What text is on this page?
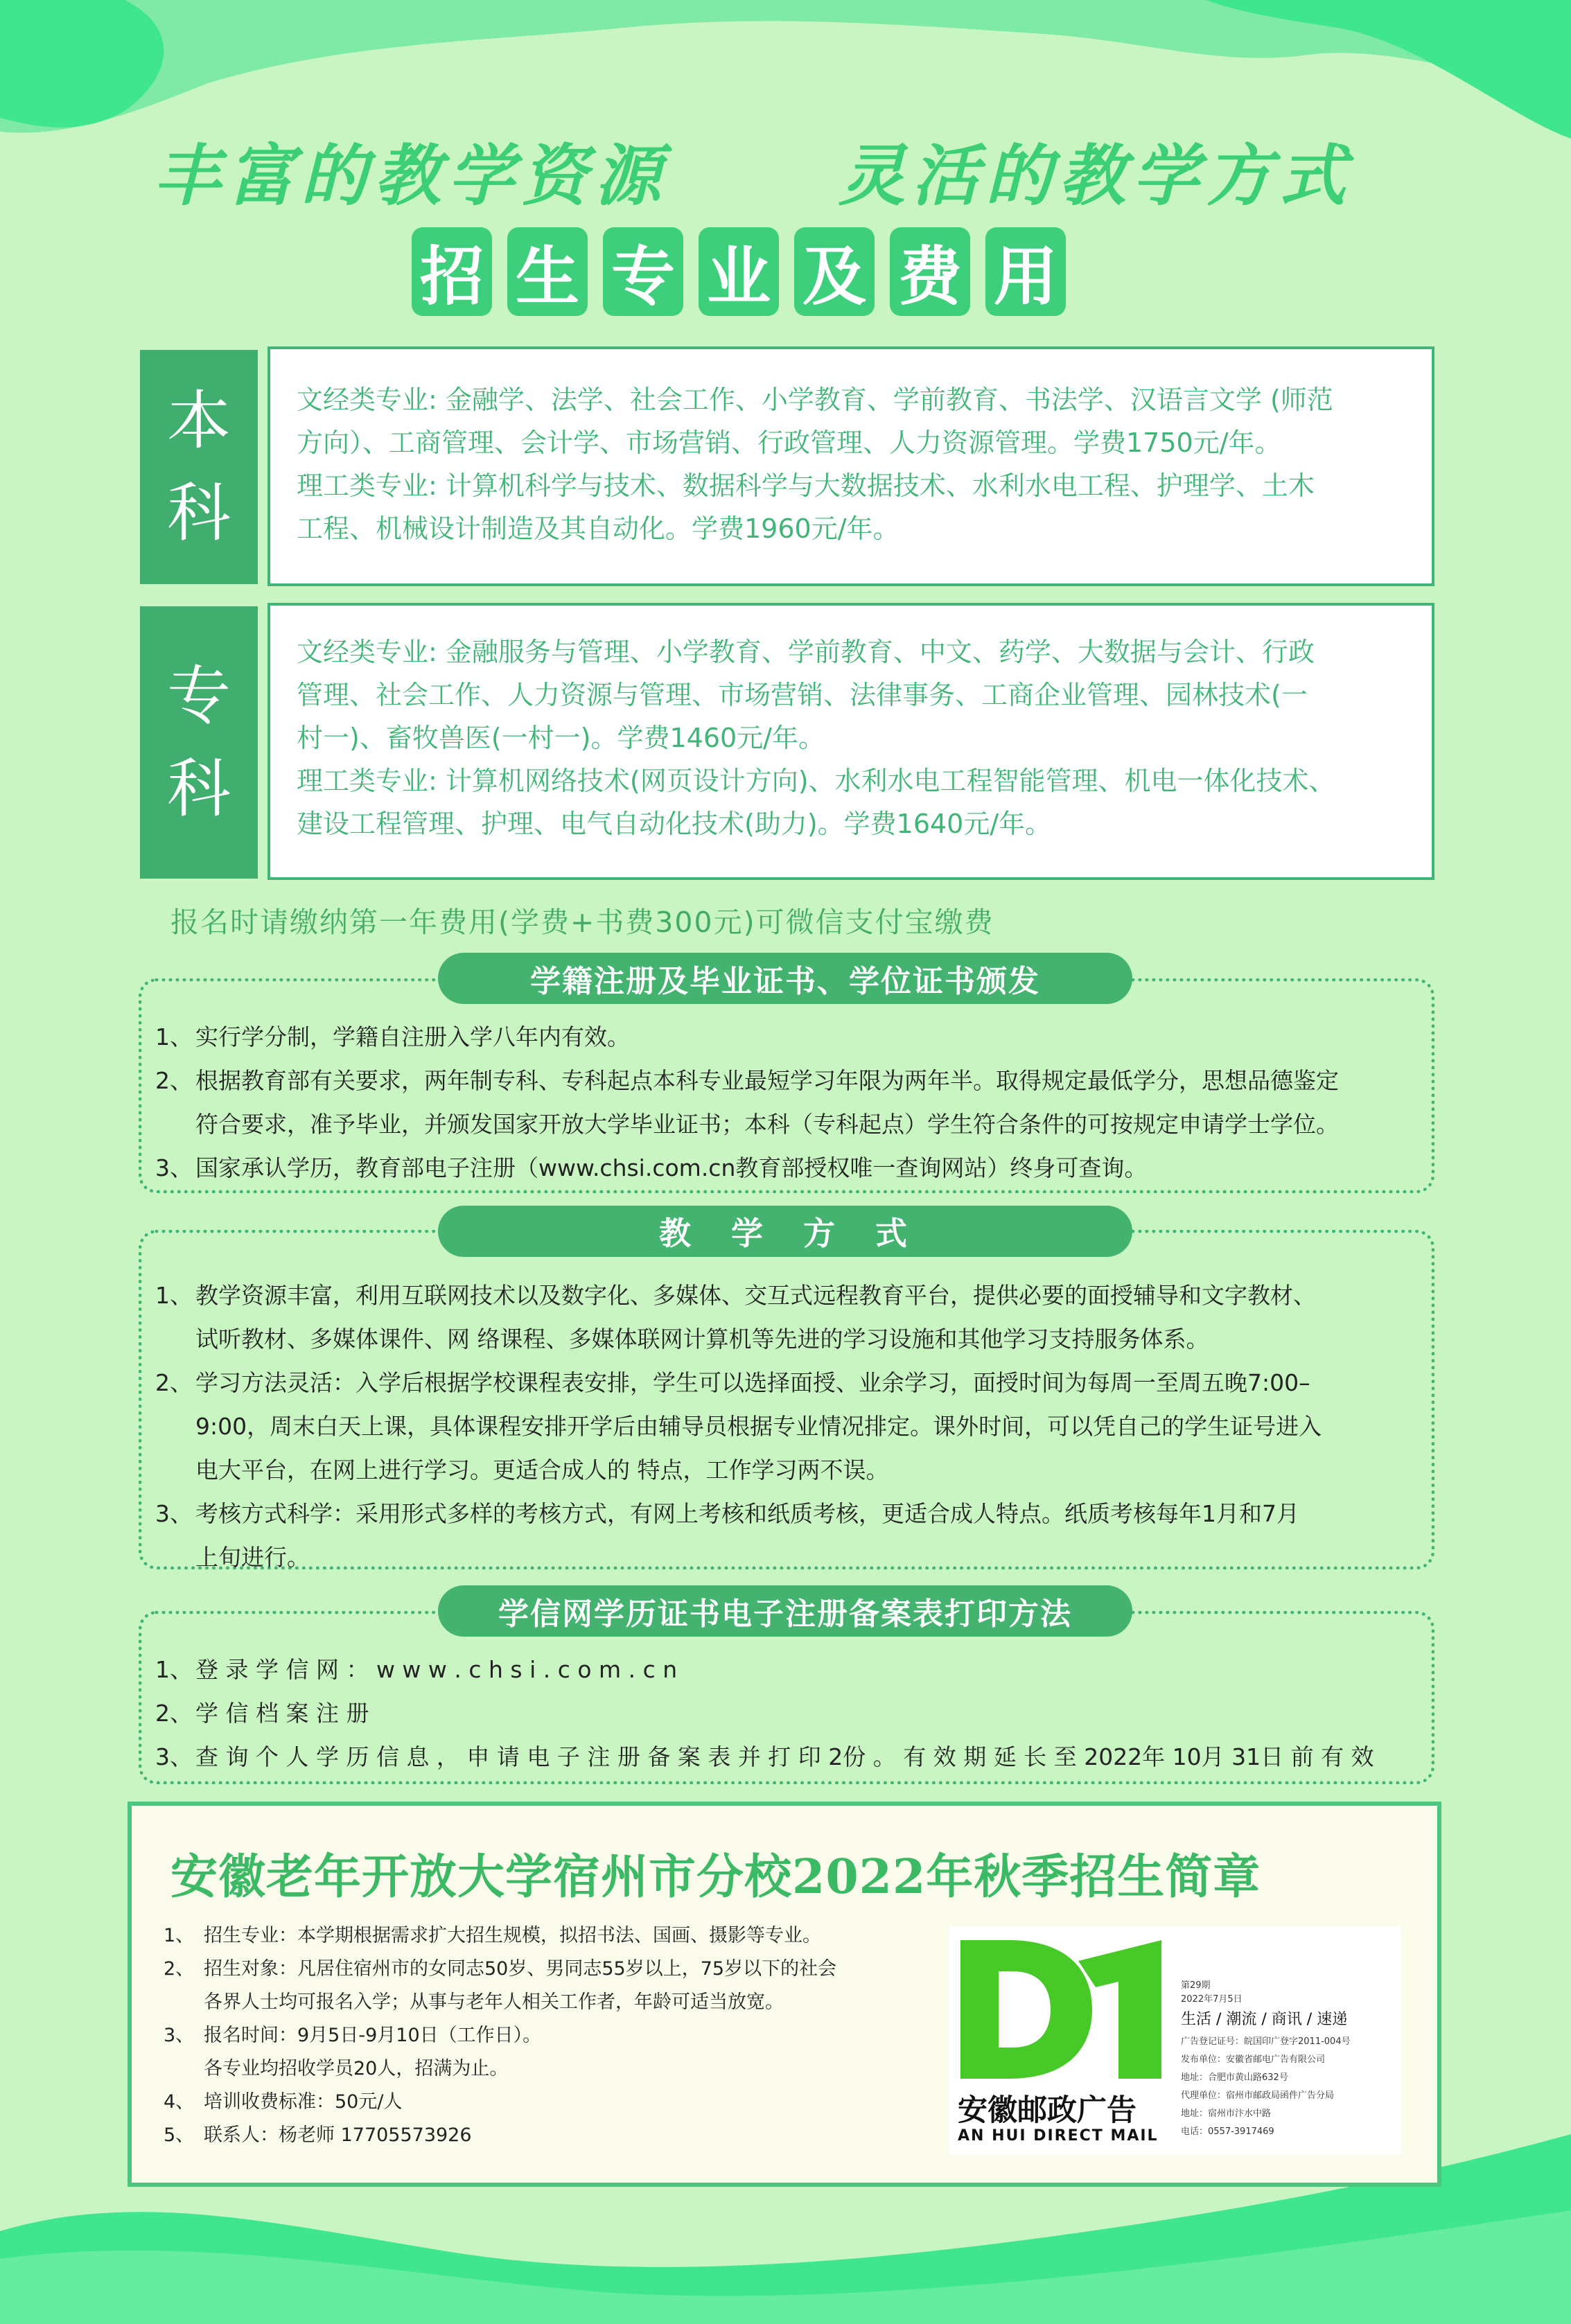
丰富的教学资源	灵活的教学方式
招 生 专 业 及 费 用
本
科
文经类专业: 金融学、法学、社会工作、小学教育、学前教育、书法学、汉语言文学 (师范
方向）、工商管理、会计学、市场营销、行政管理、人力资源管理。学费1750元/年。
理工类专业: 计算机科学与技术、数据科学与大数据技术、水利水电工程、护理学、土木
工程、机械设计制造及其自动化。学费1960元/年。
专
科
文经类专业: 金融服务与管理、小学教育、学前教育、中文、药学、大数据与会计、行政
管理、社会工作、人力资源与管理、市场营销、法律事务、工商企业管理、园林技术(一
村一)、畜牧兽医(一村一)。学费1460元/年。
理工类专业: 计算机网络技术(网页设计方向)、水利水电工程智能管理、机电一体化技术、
建设工程管理、护理、电气自动化技术(助力)。学费1640元/年。
报名时请缴纳第一年费用(学费+书费300元)可微信支付宝缴费
学籍注册及毕业证书、学位证书颁发
1、 实行学分制，学籍自注册入学八年内有效。
2、 根据教育部有关要求，两年制专科、专科起点本科专业最短学习年限为两年半。取得规定最低学分，思想品德鉴定
符合要求，准予毕业，并颁发国家开放大学毕业证书；本科（专科起点）学生符合条件的可按规定申请学士学位。
3、 国家承认学历，教育部电子注册（www.chsi.com.cn教育部授权唯一查询网站）终身可查询。
教　学　方　式
1、 教学资源丰富，利用互联网技术以及数字化、多媒体、交互式远程教育平台，提供必要的面授辅导和文字教材、
试听教材、多媒体课件、网 络课程、多媒体联网计算机等先进的学习设施和其他学习支持服务体系。
2、 学习方法灵活：入学后根据学校课程表安排，学生可以选择面授、业余学习，面授时间为每周一至周五晚7:00–
9:00，周末白天上课，具体课程安排开学后由辅导员根据专业情况排定。课外时间，可以凭自己的学生证号进入
电大平台，在网上进行学习。更适合成人的 特点，工作学习两不误。
3、 考核方式科学：采用形式多样的考核方式，有网上考核和纸质考核，更适合成人特点。纸质考核每年1月和7月
上旬进行。
学信网学历证书电子注册备案表打印方法
1、 登 录 学 信 网 ： w w w . c h s i . c o m . c n
2、 学 信 档 案 注 册
3、 查 询 个 人 学 历 信 息 ， 申 请 电 子 注 册 备 案 表 并 打 印 2份 。 有 效 期 延 长 至 2022年 10月 31日 前 有 效
安徽老年开放大学宿州市分校2022年秋季招生简章
1、 招生专业：本学期根据需求扩大招生规模，拟招书法、国画、摄影等专业。
2、 招生对象：凡居住宿州市的女同志50岁、男同志55岁以上，75岁以下的社会
各界人士均可报名入学；从事与老年人相关工作者，年龄可适当放宽。
3、 报名时间：9月5日-9月10日（工作日）。
各专业均招收学员20人，招满为止。
4、 培训收费标准：50元/人
5、 联系人：杨老师 17705573926
安徽邮政广告
AN HUI DIRECT MAIL
第29期
2022年7月5日
生活 / 潮流 / 商讯 / 速递
广告登记证号：皖国印广登字2011-004号
发布单位：安徽省邮电广告有限公司
地址：合肥市黄山路632号
代理单位：宿州市邮政局函件广告分局
地址：宿州市汴水中路
电话：0557-3917469
